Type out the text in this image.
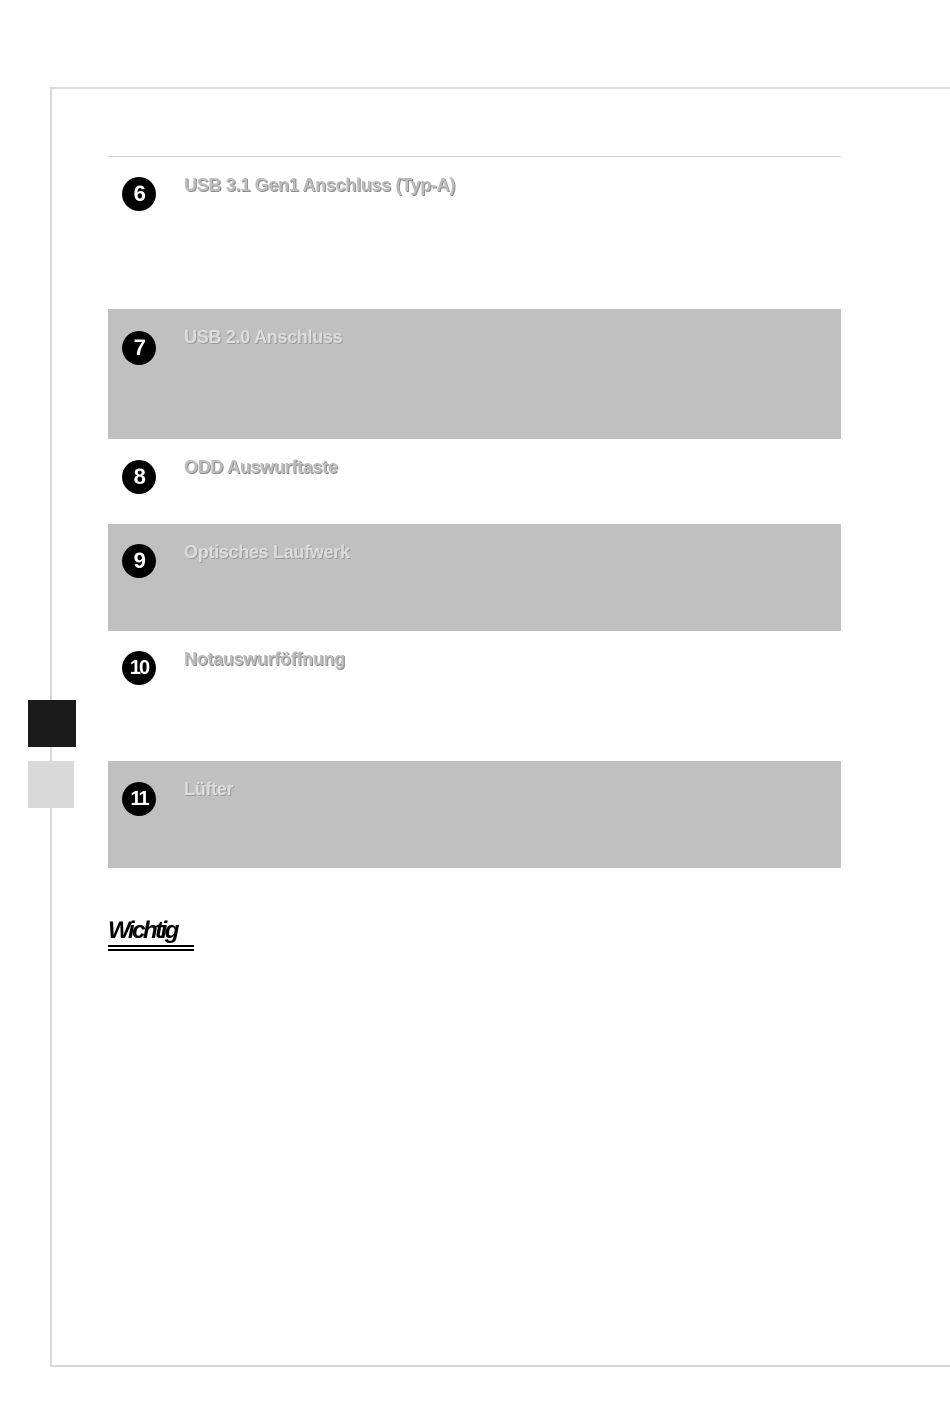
6	USB 3.1 Gen1 Anschluss (Typ-A)
7	USB 2.0 Anschluss
8	ODD Auswurftaste
9	Optisches Laufwerk
10	Notauswurföffnung
11	Lüfter
Wichtig
